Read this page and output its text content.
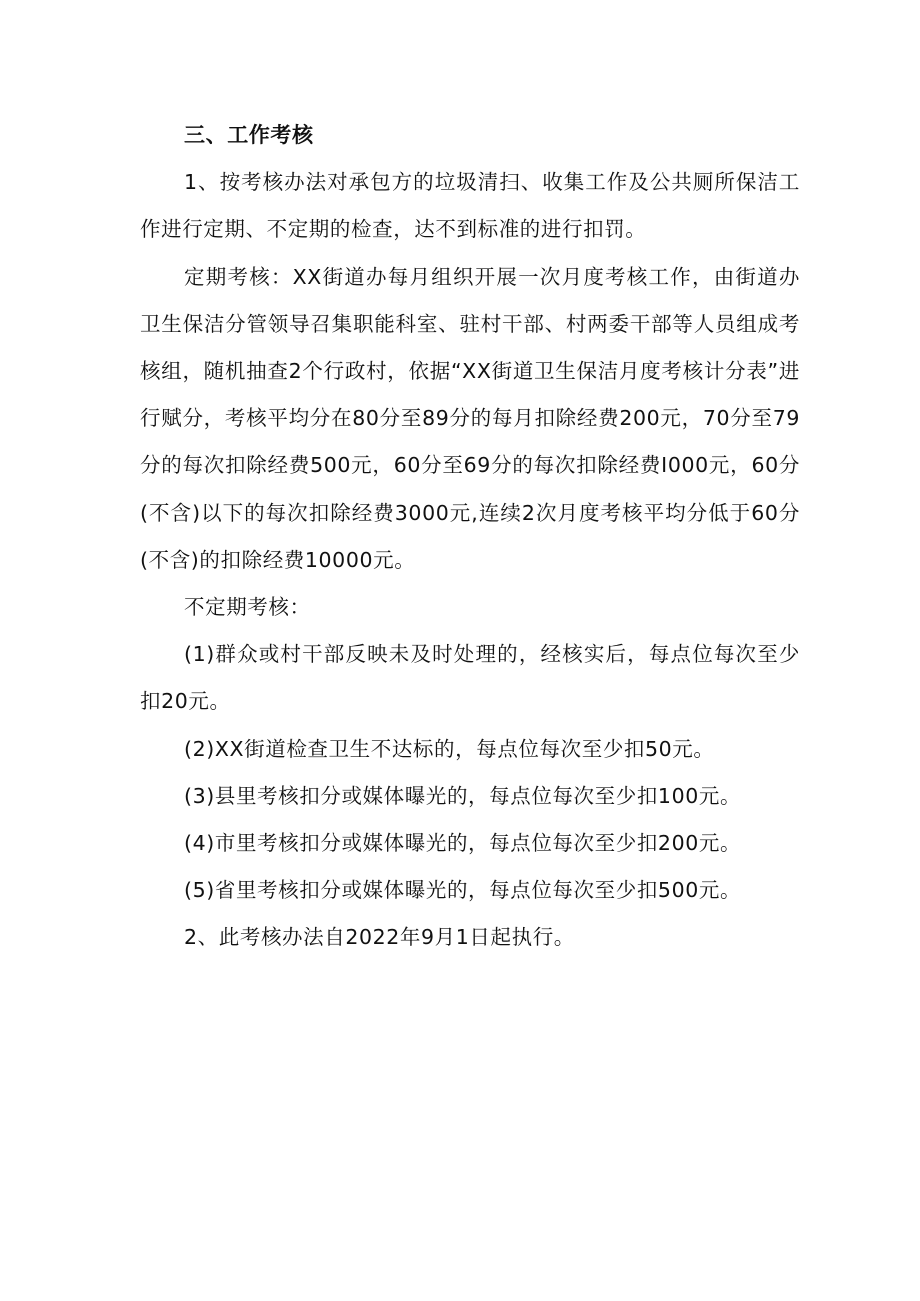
三、工作考核

1、按考核办法对承包方的垃圾清扫、收集工作及公共厕所保洁工作进行定期、不定期的检查，达不到标准的进行扣罚。

定期考核：XX街道办每月组织开展一次月度考核工作，由街道办卫生保洁分管领导召集职能科室、驻村干部、村两委干部等人员组成考核组，随机抽查2个行政村，依据“XX街道卫生保洁月度考核计分表”进行赋分，考核平均分在80分至89分的每月扣除经费200元，70分至79分的每次扣除经费500元，60分至69分的每次扣除经费I000元，60分(不含)以下的每次扣除经费3000元,连续2次月度考核平均分低于60分(不含)的扣除经费10000元。

不定期考核：

(1)群众或村干部反映未及时处理的，经核实后，每点位每次至少扣20元。

(2)XX街道检查卫生不达标的，每点位每次至少扣50元。

(3)县里考核扣分或媒体曝光的，每点位每次至少扣100元。

(4)市里考核扣分或媒体曝光的，每点位每次至少扣200元。

(5)省里考核扣分或媒体曝光的，每点位每次至少扣500元。

2、此考核办法自2022年9月1日起执行。
